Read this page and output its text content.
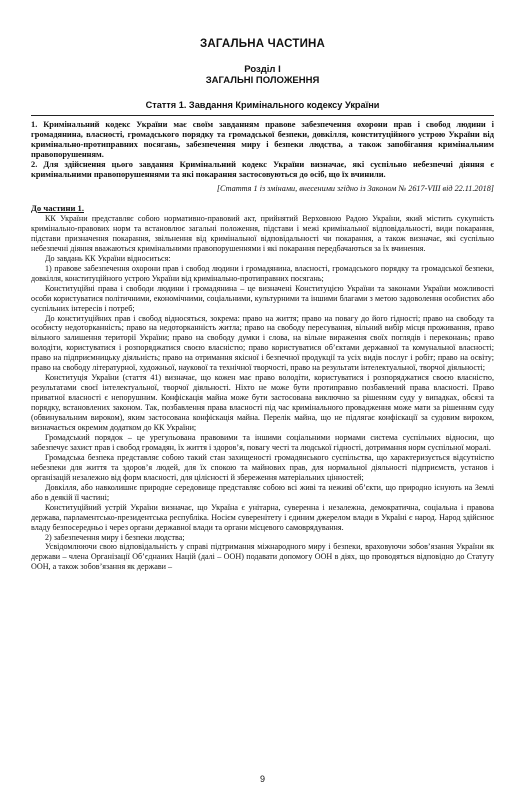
ЗАГАЛЬНА ЧАСТИНА
Розділ I
ЗАГАЛЬНІ ПОЛОЖЕННЯ
Стаття 1. Завдання Кримінального кодексу України

1. Кримінальний кодекс України має своїм завданням правове забезпечення охорони прав і свобод людини і громадянина, власності, громадського порядку та громадської безпеки, довкілля, конституційного устрою України від кримінально-протиправних посягань, забезпечення миру і безпеки людства, а також запобігання кримінальним правопорушенням.

2. Для здійснення цього завдання Кримінальний кодекс України визначає, які суспільно небезпечні діяння є кримінальними правопорушеннями та які покарання застосовуються до осіб, що їх вчинили.

[Стаття 1 із змінами, внесеними згідно із Законом № 2617-VIII від 22.11.2018]

До частини 1.

КК України представляє собою нормативно-правовий акт, прийнятий Верховною Радою України, який містить сукупність кримінально-правових норм та встановлює загальні положення, підстави і межі кримінальної відповідальності, види покарання, підстави призначення покарання, звільнення від кримінальної відповідальності чи покарання, а також визначає, які суспільно небезпечні діяння вважаються кримінальними правопорушеннями і які покарання передбачаються за їх вчинення.

До завдань КК України відноситься:

1) правове забезпечення охорони прав і свобод людини і громадянина, власності, громадського порядку та громадської безпеки, довкілля, конституційного устрою України від кримінально-протиправних посягань;

Конституційні права і свободи людини і громадянина – це визначені Конституцією України та законами України можливості особи користуватися політичними, економічними, соціальними, культурними та іншими благами з метою задоволення особистих або суспільних інтересів і потреб;

До конституційних прав і свобод відносяться, зокрема: право на життя; право на повагу до його гідності; право на свободу та особисту недоторканність; право на недоторканність житла; право на свободу пересування, вільний вибір місця проживання, право вільного залишення території України; право на свободу думки і слова, на вільне вираження своїх поглядів і переконань; право володіти, користуватися і розпоряджатися своєю власністю; право користуватися об’єктами державної та комунальної власності; право на підприємницьку діяльність; право на отримання якісної і безпечної продукції та усіх видів послуг і робіт; право на освіту; право на свободу літературної, художньої, наукової та технічної творчості, право на результати інтелектуальної, творчої діяльності;

Конституція України (стаття 41) визначає, що кожен має право володіти, користуватися і розпоряджатися своєю власністю, результатами своєї інтелектуальної, творчої діяльності. Ніхто не може бути протиправно позбавлений права власності. Право приватної власності є непорушним. Конфіскація майна може бути застосована виключно за рішенням суду у випадках, обсязі та порядку, встановлених законом. Так, позбавлення права власності під час кримінального провадження може мати за рішенням суду (обвинувальним вироком), яким застосована конфіскація майна. Перелік майна, що не підлягає конфіскації за судовим вироком, визначається окремим додатком до КК України;

Громадський порядок – це урегульована правовими та іншими соціальними нормами система суспільних відносин, що забезпечує захист прав і свобод громадян, їх життя і здоров’я, повагу честі та людської гідності, дотримання норм суспільної моралі.

Громадська безпека представляє собою такий стан захищеності громадянського суспільства, що характеризується відсутністю небезпеки для життя та здоров’я людей, для їх спокою та майнових прав, для нормальної діяльності підприємств, установ і організацій незалежно від форм власності, для цілісності й збереження матеріальних цінностей;

Довкілля, або навколишнє природне середовище представляє собою всі живі та неживі об’єкти, що природно існують на Землі або в деякій її частині;

Конституційний устрій України визначає, що Україна є унітарна, суверенна і незалежна, демократична, соціальна і правова держава, парламентсько-президентська республіка. Носієм суверенітету і єдиним джерелом влади в Україні є народ. Народ здійснює владу безпосередньо і через органи державної влади та органи місцевого самоврядування.

2) забезпечення миру і безпеки людства;

Усвідомлюючи свою відповідальність у справі підтримання міжнародного миру і безпеки, враховуючи зобов’язання України як держави – члена Організації Об’єднаних Націй (далі – ООН) подавати допомогу ООН в діях, що проводяться відповідно до Статуту ООН, а також зобов’язання як держави –

9
